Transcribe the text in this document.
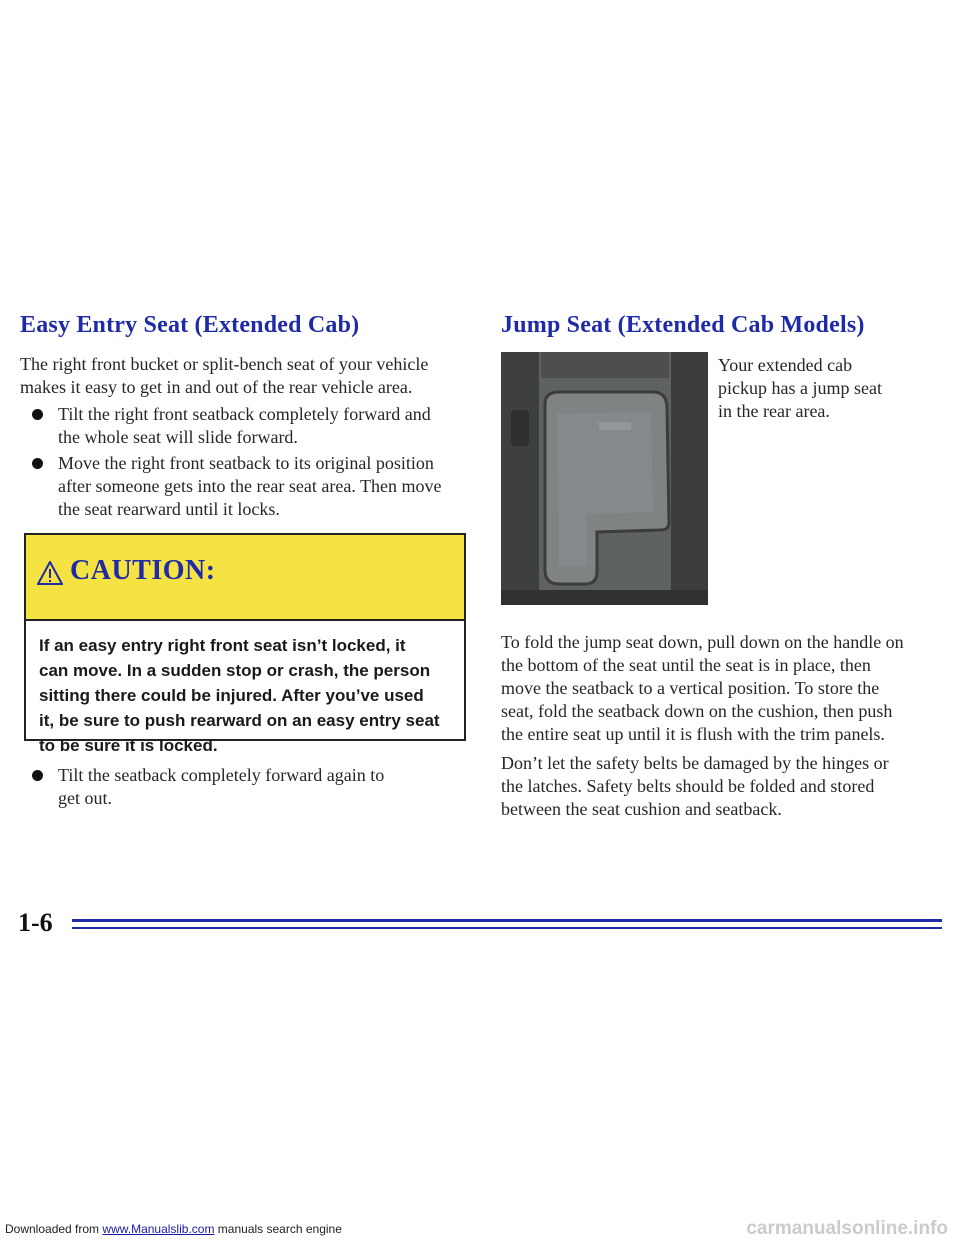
Easy Entry Seat (Extended Cab)
The right front bucket or split-bench seat of your vehicle
makes it easy to get in and out of the rear vehicle area.
Tilt the right front seatback completely forward and
the whole seat will slide forward.
Move the right front seatback to its original position
after someone gets into the rear seat area. Then move
the seat rearward until it locks.

CAUTION:

If an easy entry right front seat isn’t locked, it
can move. In a sudden stop or crash, the person
sitting there could be injured. After you’ve used
it, be sure to push rearward on an easy entry seat
to be sure it is locked.
Tilt the seatback completely forward again to
get out.
Jump Seat (Extended Cab Models)
Your extended cab
pickup has a jump seat
in the rear area.
To fold the jump seat down, pull down on the handle on
the bottom of the seat until the seat is in place, then
move the seatback to a vertical position. To store the
seat, fold the seatback down on the cushion, then push
the entire seat up until it is flush with the trim panels.
Don’t let the safety belts be damaged by the hinges or
the latches. Safety belts should be folded and stored
between the seat cushion and seatback.

1-6

Downloaded from www.Manualslib.com manuals search engine	carmanualsonline.info
